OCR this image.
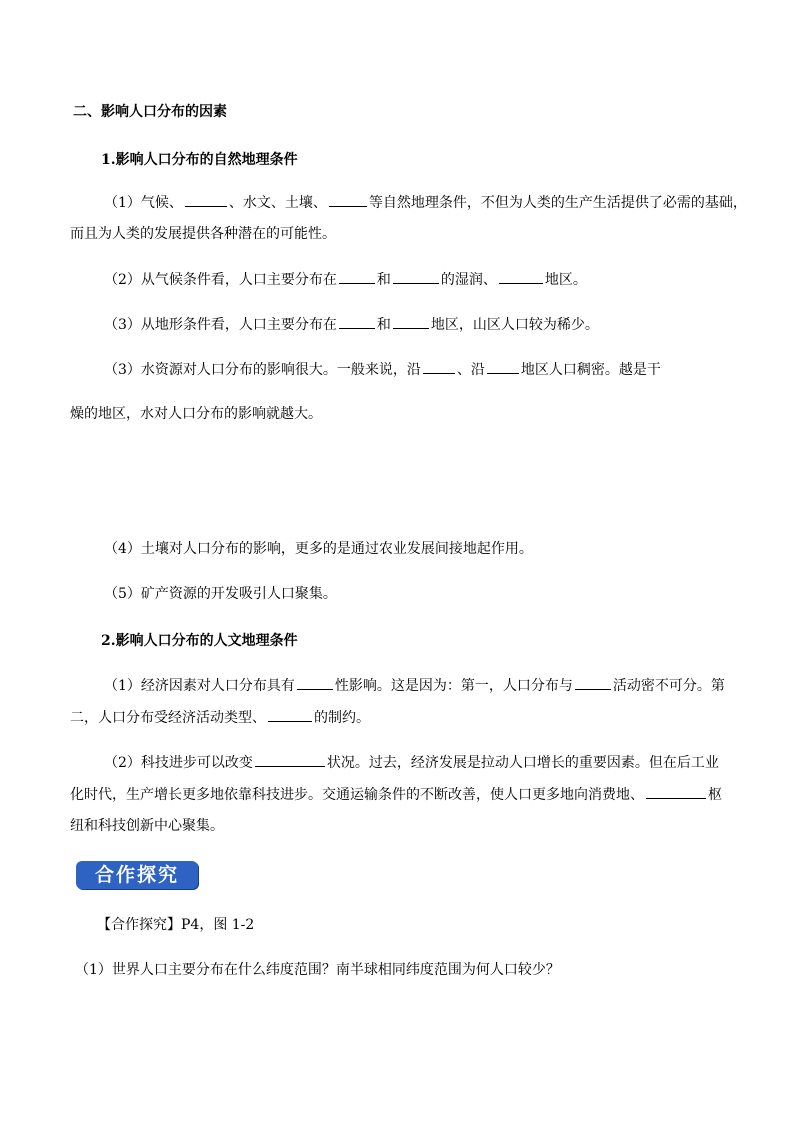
二、影响人口分布的因素
1.影响人口分布的自然地理条件
（1）气候、	、水文、土壤、	等自然地理条件，不但为人类的生产生活提供了必需的基础，
而且为人类的发展提供各种潜在的可能性。
（2）从气候条件看，人口主要分布在	和	的湿润、	地区。
（3）从地形条件看，人口主要分布在	和	地区，山区人口较为稀少。
（3）水资源对人口分布的影响很大。一般来说，沿	、沿	地区人口稠密。越是干
燥的地区，水对人口分布的影响就越大。
（4）土壤对人口分布的影响，更多的是通过农业发展间接地起作用。
（5）矿产资源的开发吸引人口聚集。
2.影响人口分布的人文地理条件
（1）经济因素对人口分布具有	性影响。这是因为：第一，人口分布与	活动密不可分。第
二，人口分布受经济活动类型、	的制约。
（2）科技进步可以改变	状况。过去，经济发展是拉动人口增长的重要因素。但在后工业
化时代，生产增长更多地依靠科技进步。交通运输条件的不断改善，使人口更多地向消费地、	枢
纽和科技创新中心聚集。
合作探究
【合作探究】P4，图 1-2
（1）世界人口主要分布在什么纬度范围？南半球相同纬度范围为何人口较少？
